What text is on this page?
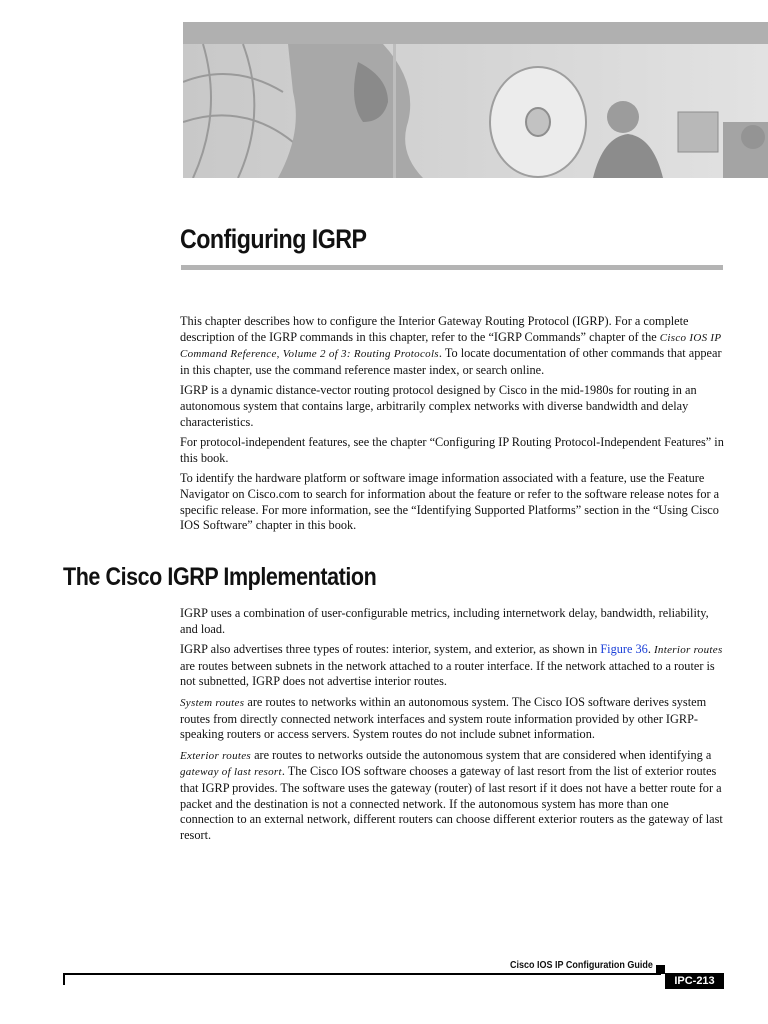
Configuring IGRP

This chapter describes how to configure the Interior Gateway Routing Protocol (IGRP). For a complete description of the IGRP commands in this chapter, refer to the “IGRP Commands” chapter of the Cisco IOS IP Command Reference, Volume 2 of 3: Routing Protocols. To locate documentation of other commands that appear in this chapter, use the command reference master index, or search online.

IGRP is a dynamic distance-vector routing protocol designed by Cisco in the mid-1980s for routing in an autonomous system that contains large, arbitrarily complex networks with diverse bandwidth and delay characteristics.

For protocol-independent features, see the chapter “Configuring IP Routing Protocol-Independent Features” in this book.

To identify the hardware platform or software image information associated with a feature, use the Feature Navigator on Cisco.com to search for information about the feature or refer to the software release notes for a specific release. For more information, see the “Identifying Supported Platforms” section in the “Using Cisco IOS Software” chapter in this book.

The Cisco IGRP Implementation

IGRP uses a combination of user-configurable metrics, including internetwork delay, bandwidth, reliability, and load.

IGRP also advertises three types of routes: interior, system, and exterior, as shown in Figure 36. Interior routes are routes between subnets in the network attached to a router interface. If the network attached to a router is not subnetted, IGRP does not advertise interior routes.

System routes are routes to networks within an autonomous system. The Cisco IOS software derives system routes from directly connected network interfaces and system route information provided by other IGRP-speaking routers or access servers. System routes do not include subnet information.

Exterior routes are routes to networks outside the autonomous system that are considered when identifying a gateway of last resort. The Cisco IOS software chooses a gateway of last resort from the list of exterior routes that IGRP provides. The software uses the gateway (router) of last resort if it does not have a better route for a packet and the destination is not a connected network. If the autonomous system has more than one connection to an external network, different routers can choose different exterior routers as the gateway of last resort.

Cisco IOS IP Configuration Guide
IPC-213
